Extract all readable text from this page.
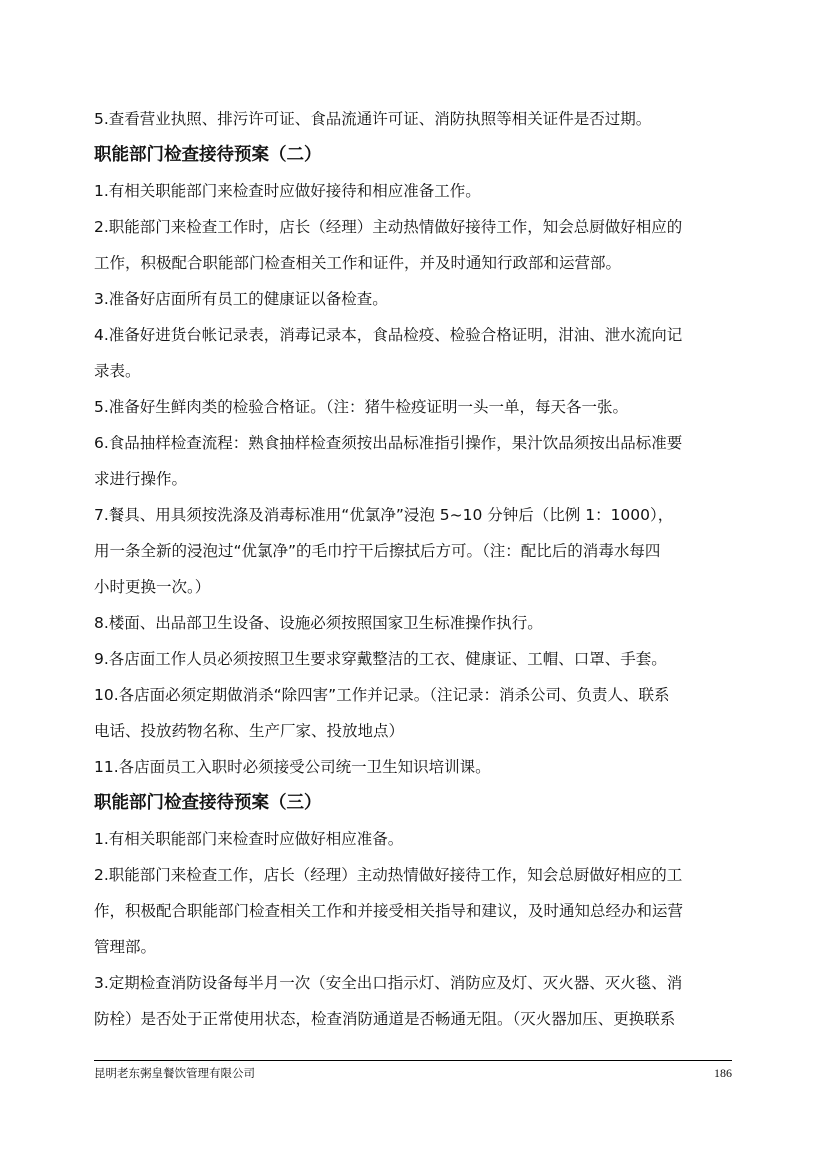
5.查看营业执照、排污许可证、食品流通许可证、消防执照等相关证件是否过期。

职能部门检查接待预案（二）

1.有相关职能部门来检查时应做好接待和相应准备工作。

2.职能部门来检查工作时，店长（经理）主动热情做好接待工作，知会总厨做好相应的

工作，积极配合职能部门检查相关工作和证件，并及时通知行政部和运营部。

3.准备好店面所有员工的健康证以备检查。

4.准备好进货台帐记录表，消毒记录本，食品检疫、检验合格证明，泔油、泄水流向记

录表。

5.准备好生鲜肉类的检验合格证。（注：猪牛检疫证明一头一单，每天各一张。

6.食品抽样检查流程：熟食抽样检查须按出品标准指引操作，果汁饮品须按出品标准要

求进行操作。

7.餐具、用具须按洗涤及消毒标准用“优氯净”浸泡 5~10 分钟后（比例 1：1000），

用一条全新的浸泡过“优氯净”的毛巾拧干后擦拭后方可。（注：配比后的消毒水每四

小时更换一次。）

8.楼面、出品部卫生设备、设施必须按照国家卫生标准操作执行。

9.各店面工作人员必须按照卫生要求穿戴整洁的工衣、健康证、工帽、口罩、手套。

10.各店面必须定期做消杀“除四害”工作并记录。（注记录：消杀公司、负责人、联系

电话、投放药物名称、生产厂家、投放地点）

11.各店面员工入职时必须接受公司统一卫生知识培训课。

职能部门检查接待预案（三）

1.有相关职能部门来检查时应做好相应准备。

2.职能部门来检查工作，店长（经理）主动热情做好接待工作，知会总厨做好相应的工

作，积极配合职能部门检查相关工作和并接受相关指导和建议，及时通知总经办和运营

管理部。

3.定期检查消防设备每半月一次（安全出口指示灯、消防应及灯、灭火器、灭火毯、消

防栓）是否处于正常使用状态，检查消防通道是否畅通无阻。（灭火器加压、更换联系

昆明老东粥皇餐饮管理有限公司	186
